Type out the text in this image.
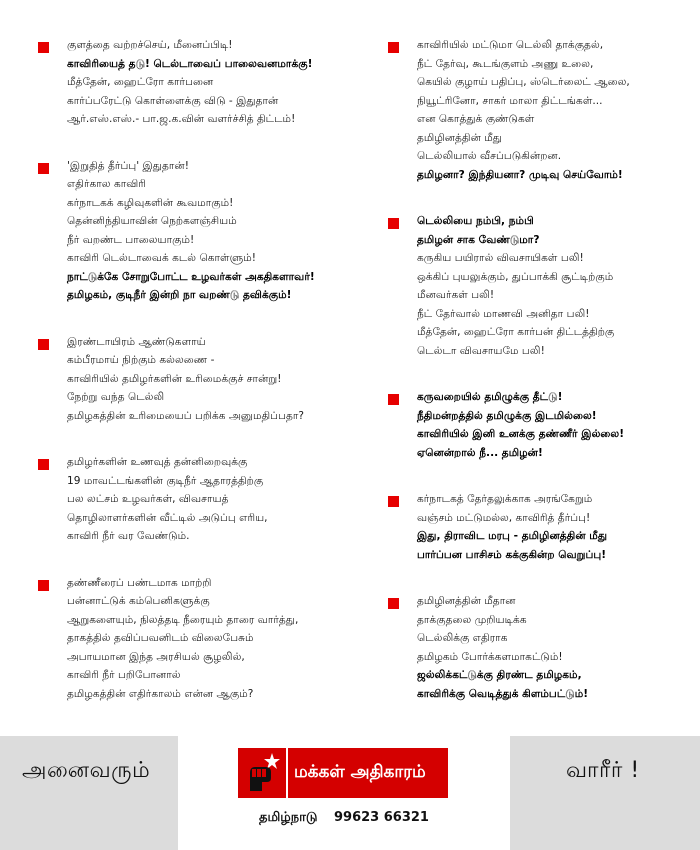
குளத்தை வற்றச்செய், மீனைப்பிடி!
காவிரியைத் தடு! டெல்டாவைப் பாலைவனமாக்கு!
மீத்தேன், ஹைட்ரோ கார்பனை
கார்ப்பரேட்டு கொள்ளைக்கு விடு - இதுதான்
ஆர்.எஸ்.எஸ்.- பா.ஜ.க.வின் வளர்ச்சித் திட்டம்!
'இறுதித் தீர்ப்பு' இதுதான்!
எதிர்கால காவிரி
கர்நாடகக் கழிவுகளின் கூவமாகும்!
தென்னிந்தியாவின் நெற்களஞ்சியம்
நீர் வறண்ட பாலையாகும்!
காவிரி டெல்டாவைக் கடல் கொள்ளும்!
நாட்டுக்கே சோறுபோட்ட உழவர்கள் அகதிகளாவர்!
தமிழகம், குடிநீர் இன்றி நா வறண்டு தவிக்கும்!
இரண்டாயிரம் ஆண்டுகளாய்
கம்பீரமாய் நிற்கும் கல்லணை -
காவிரியில் தமிழர்களின் உரிமைக்குச் சான்று!
நேற்று வந்த டெல்லி
தமிழகத்தின் உரிமையைப் பறிக்க அனுமதிப்பதா?
தமிழர்களின் உணவுத் தன்னிறைவுக்கு
19 மாவட்டங்களின் குடிநீர் ஆதாரத்திற்கு
பல லட்சம் உழவர்கள், விவசாயத்
தொழிலாளர்களின் வீட்டில் அடுப்பு எரிய,
காவிரி நீர் வர வேண்டும்.
தண்ணீரைப் பண்டமாக மாற்றி
பன்னாட்டுக் கம்பெனிகளுக்கு
ஆறுகளையும், நிலத்தடி நீரையும் தாரை வார்த்து,
தாகத்தில் தவிப்பவனிடம் விலைபேசும்
அபாயமான இந்த அரசியல் சூழலில்,
காவிரி நீர் பறிபோனால்
தமிழகத்தின் எதிர்காலம் என்ன ஆகும்?
காவிரியில் மட்டுமா டெல்லி தாக்குதல்,
நீட் தேர்வு, கூடங்குளம் அணு உலை,
கெயில் குழாய் பதிப்பு, ஸ்டெர்லைட் ஆலை,
நியூட்ரினோ, சாகர் மாலா திட்டங்கள்...
என கொத்துக் குண்டுகள்
தமிழினத்தின் மீது
டெல்லியால் வீசப்படுகின்றன.
தமிழனா? இந்தியனா? முடிவு செய்வோம்!
டெல்லியை நம்பி, நம்பி
தமிழன் சாக வேண்டுமா?
கருகிய பயிரால் விவசாயிகள் பலி!
ஒக்கிப் புயலுக்கும், துப்பாக்கி சூட்டிற்கும்
மீனவர்கள் பலி!
நீட் தேர்வால் மாணவி அனிதா பலி!
மீத்தேன், ஹைட்ரோ கார்பன் திட்டத்திற்கு
டெல்டா விவசாயமே பலி!
கருவறையில் தமிழுக்கு தீட்டு!
நீதிமன்றத்தில் தமிழுக்கு இடமில்லை!
காவிரியில் இனி உனக்கு தண்ணீர் இல்லை!
ஏனென்றால் நீ... தமிழன்!
கர்நாடகத் தேர்தலுக்காக அரங்கேறும்
வஞ்சம் மட்டுமல்ல, காவிரித் தீர்ப்பு!
இது, திராவிட மரபு - தமிழினத்தின் மீது
பார்ப்பன பாசிசம் கக்குகின்ற வெறுப்பு!
தமிழினத்தின் மீதான
தாக்குதலை முறியடிக்க
டெல்லிக்கு எதிராக
தமிழகம் போர்க்களமாகட்டும்!
ஜல்லிக்கட்டுக்கு திரண்ட தமிழகம்,
காவிரிக்கு வெடித்துக் கிளம்பட்டும்!
அனைவரும்	மக்கள் அதிகாரம்
தமிழ்நாடு 99623 66321
வாரீர் !
